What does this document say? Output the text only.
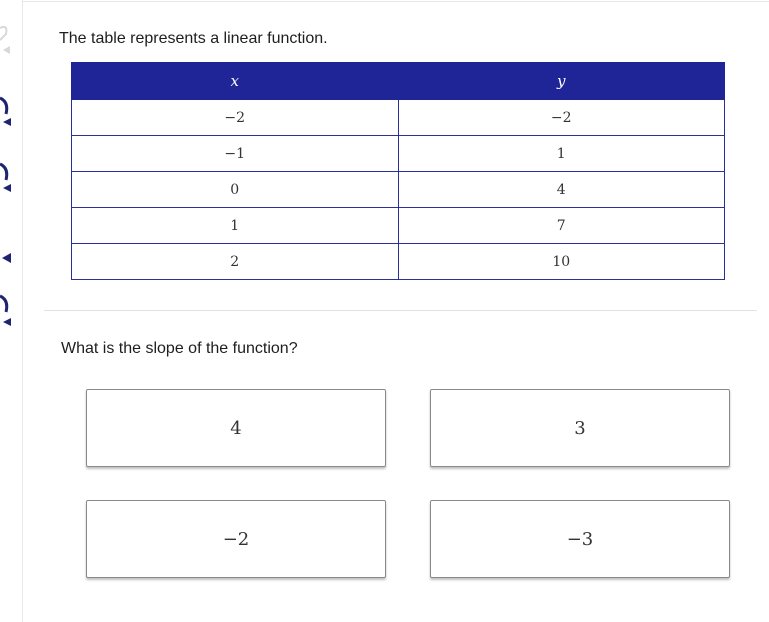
The table represents a linear function.
x	y
−2	−2
−1	1
0	4
1	7
2	10
What is the slope of the function?
4	3
−2	−3
